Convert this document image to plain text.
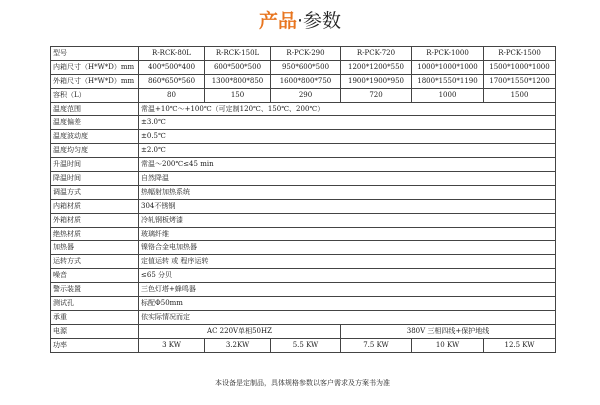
产品·参数
型号	R-RCK-80L	R-RCK-150L	R-PCK-290	R-PCK-720	R-PCK-1000	R-PCK-1500
内箱尺寸（H*W*D）mm	400*500*400	600*500*500	950*600*500	1200*1200*550	1000*1000*1000	1500*1000*1000
外箱尺寸（H*W*D）mm	860*650*560	1300*800*850	1600*800*750	1900*1900*950	1800*1550*1190	1700*1550*1200
容积（L）	80	150	290	720	1000	1500
温度范围	常温+10℃～+100℃（可定制120℃、150℃、200℃）					
温度偏差	±3.0℃					
温度波动度	±0.5℃					
温度均匀度	±2.0℃					
升温时间	常温～200℃≤45 min					
降温时间	自然降温					
调温方式	热幅射加热系统					
内箱材质	304不锈钢					
外箱材质	冷轧钢板烤漆					
绝热材质	玻璃纤维					
加热器	镍铬合金电加热器					
运转方式	定值运转 或 程序运转					
噪音	≤65 分贝					
警示装置	三色灯塔+蜂鸣器					
测试孔	标配Φ50mm					
承重	依实际情况而定					
电源	AC 220V单相50HZ			380V 三相四线+保护地线		
功率	3 KW	3.2KW	5.5 KW	7.5 KW	10 KW	12.5 KW
本设备是定制品，具体规格参数以客户需求及方案书为准
